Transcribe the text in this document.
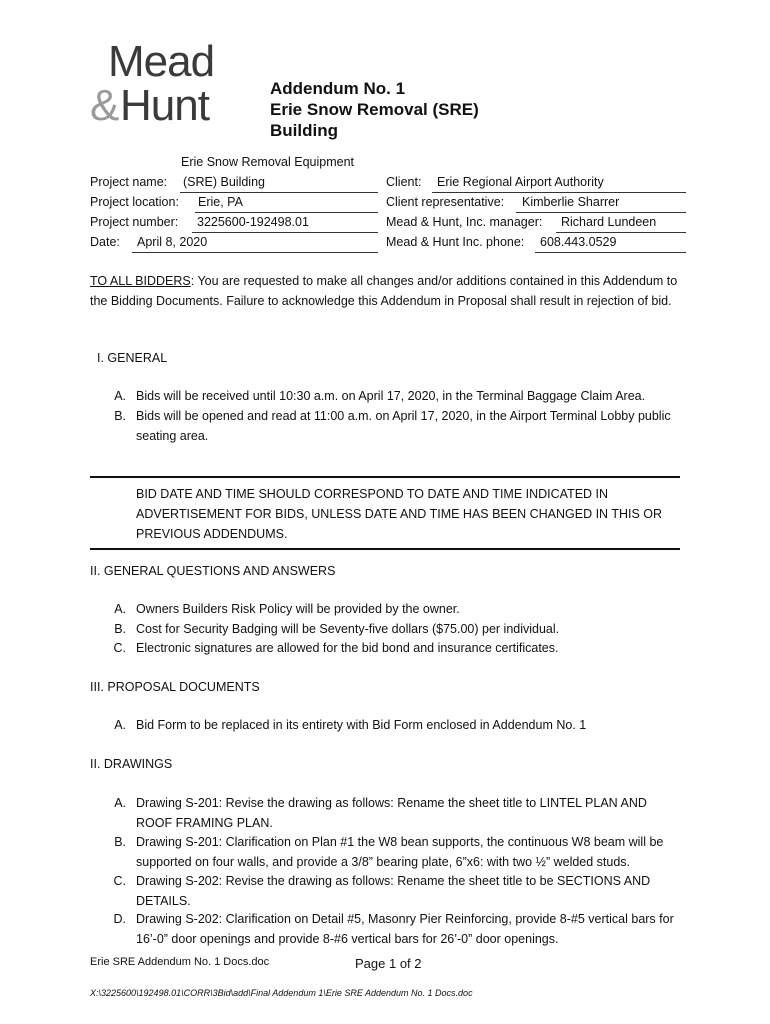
Mead
& Hunt	Addendum No. 1
Erie Snow Removal (SRE)
Building
Erie Snow Removal Equipment
Project name: (SRE) Building
Project location: Erie, PA
Project number: 3225600-192498.01
Date: April 8, 2020
Client: Erie Regional Airport Authority
Client representative: Kimberlie Sharrer
Mead & Hunt, Inc. manager: Richard Lundeen
Mead & Hunt Inc. phone: 608.443.0529
TO ALL BIDDERS: You are requested to make all changes and/or additions contained in this Addendum to the Bidding Documents. Failure to acknowledge this Addendum in Proposal shall result in rejection of bid.
I. GENERAL
A. Bids will be received until 10:30 a.m. on April 17, 2020, in the Terminal Baggage Claim Area.
B. Bids will be opened and read at 11:00 a.m. on April 17, 2020, in the Airport Terminal Lobby public seating area.
BID DATE AND TIME SHOULD CORRESPOND TO DATE AND TIME INDICATED IN ADVERTISEMENT FOR BIDS, UNLESS DATE AND TIME HAS BEEN CHANGED IN THIS OR PREVIOUS ADDENDUMS.
II. GENERAL QUESTIONS AND ANSWERS
A. Owners Builders Risk Policy will be provided by the owner.
B. Cost for Security Badging will be Seventy-five dollars ($75.00) per individual.
C. Electronic signatures are allowed for the bid bond and insurance certificates.
III. PROPOSAL DOCUMENTS
A. Bid Form to be replaced in its entirety with Bid Form enclosed in Addendum No. 1
II. DRAWINGS
A. Drawing S-201: Revise the drawing as follows: Rename the sheet title to LINTEL PLAN AND ROOF FRAMING PLAN.
B. Drawing S-201: Clarification on Plan #1 the W8 bean supports, the continuous W8 beam will be supported on four walls, and provide a 3/8” bearing plate, 6”x6: with two ½” welded studs.
C. Drawing S-202: Revise the drawing as follows: Rename the sheet title to be SECTIONS AND DETAILS.
D. Drawing S-202: Clarification on Detail #5, Masonry Pier Reinforcing, provide 8-#5 vertical bars for 16’-0” door openings and provide 8-#6 vertical bars for 26’-0” door openings.
Erie SRE Addendum No. 1 Docs.doc	Page 1 of 2
X:\3225600\192498.01\CORR\3Bid\add\Final Addendum 1\Erie SRE Addendum No. 1 Docs.doc
